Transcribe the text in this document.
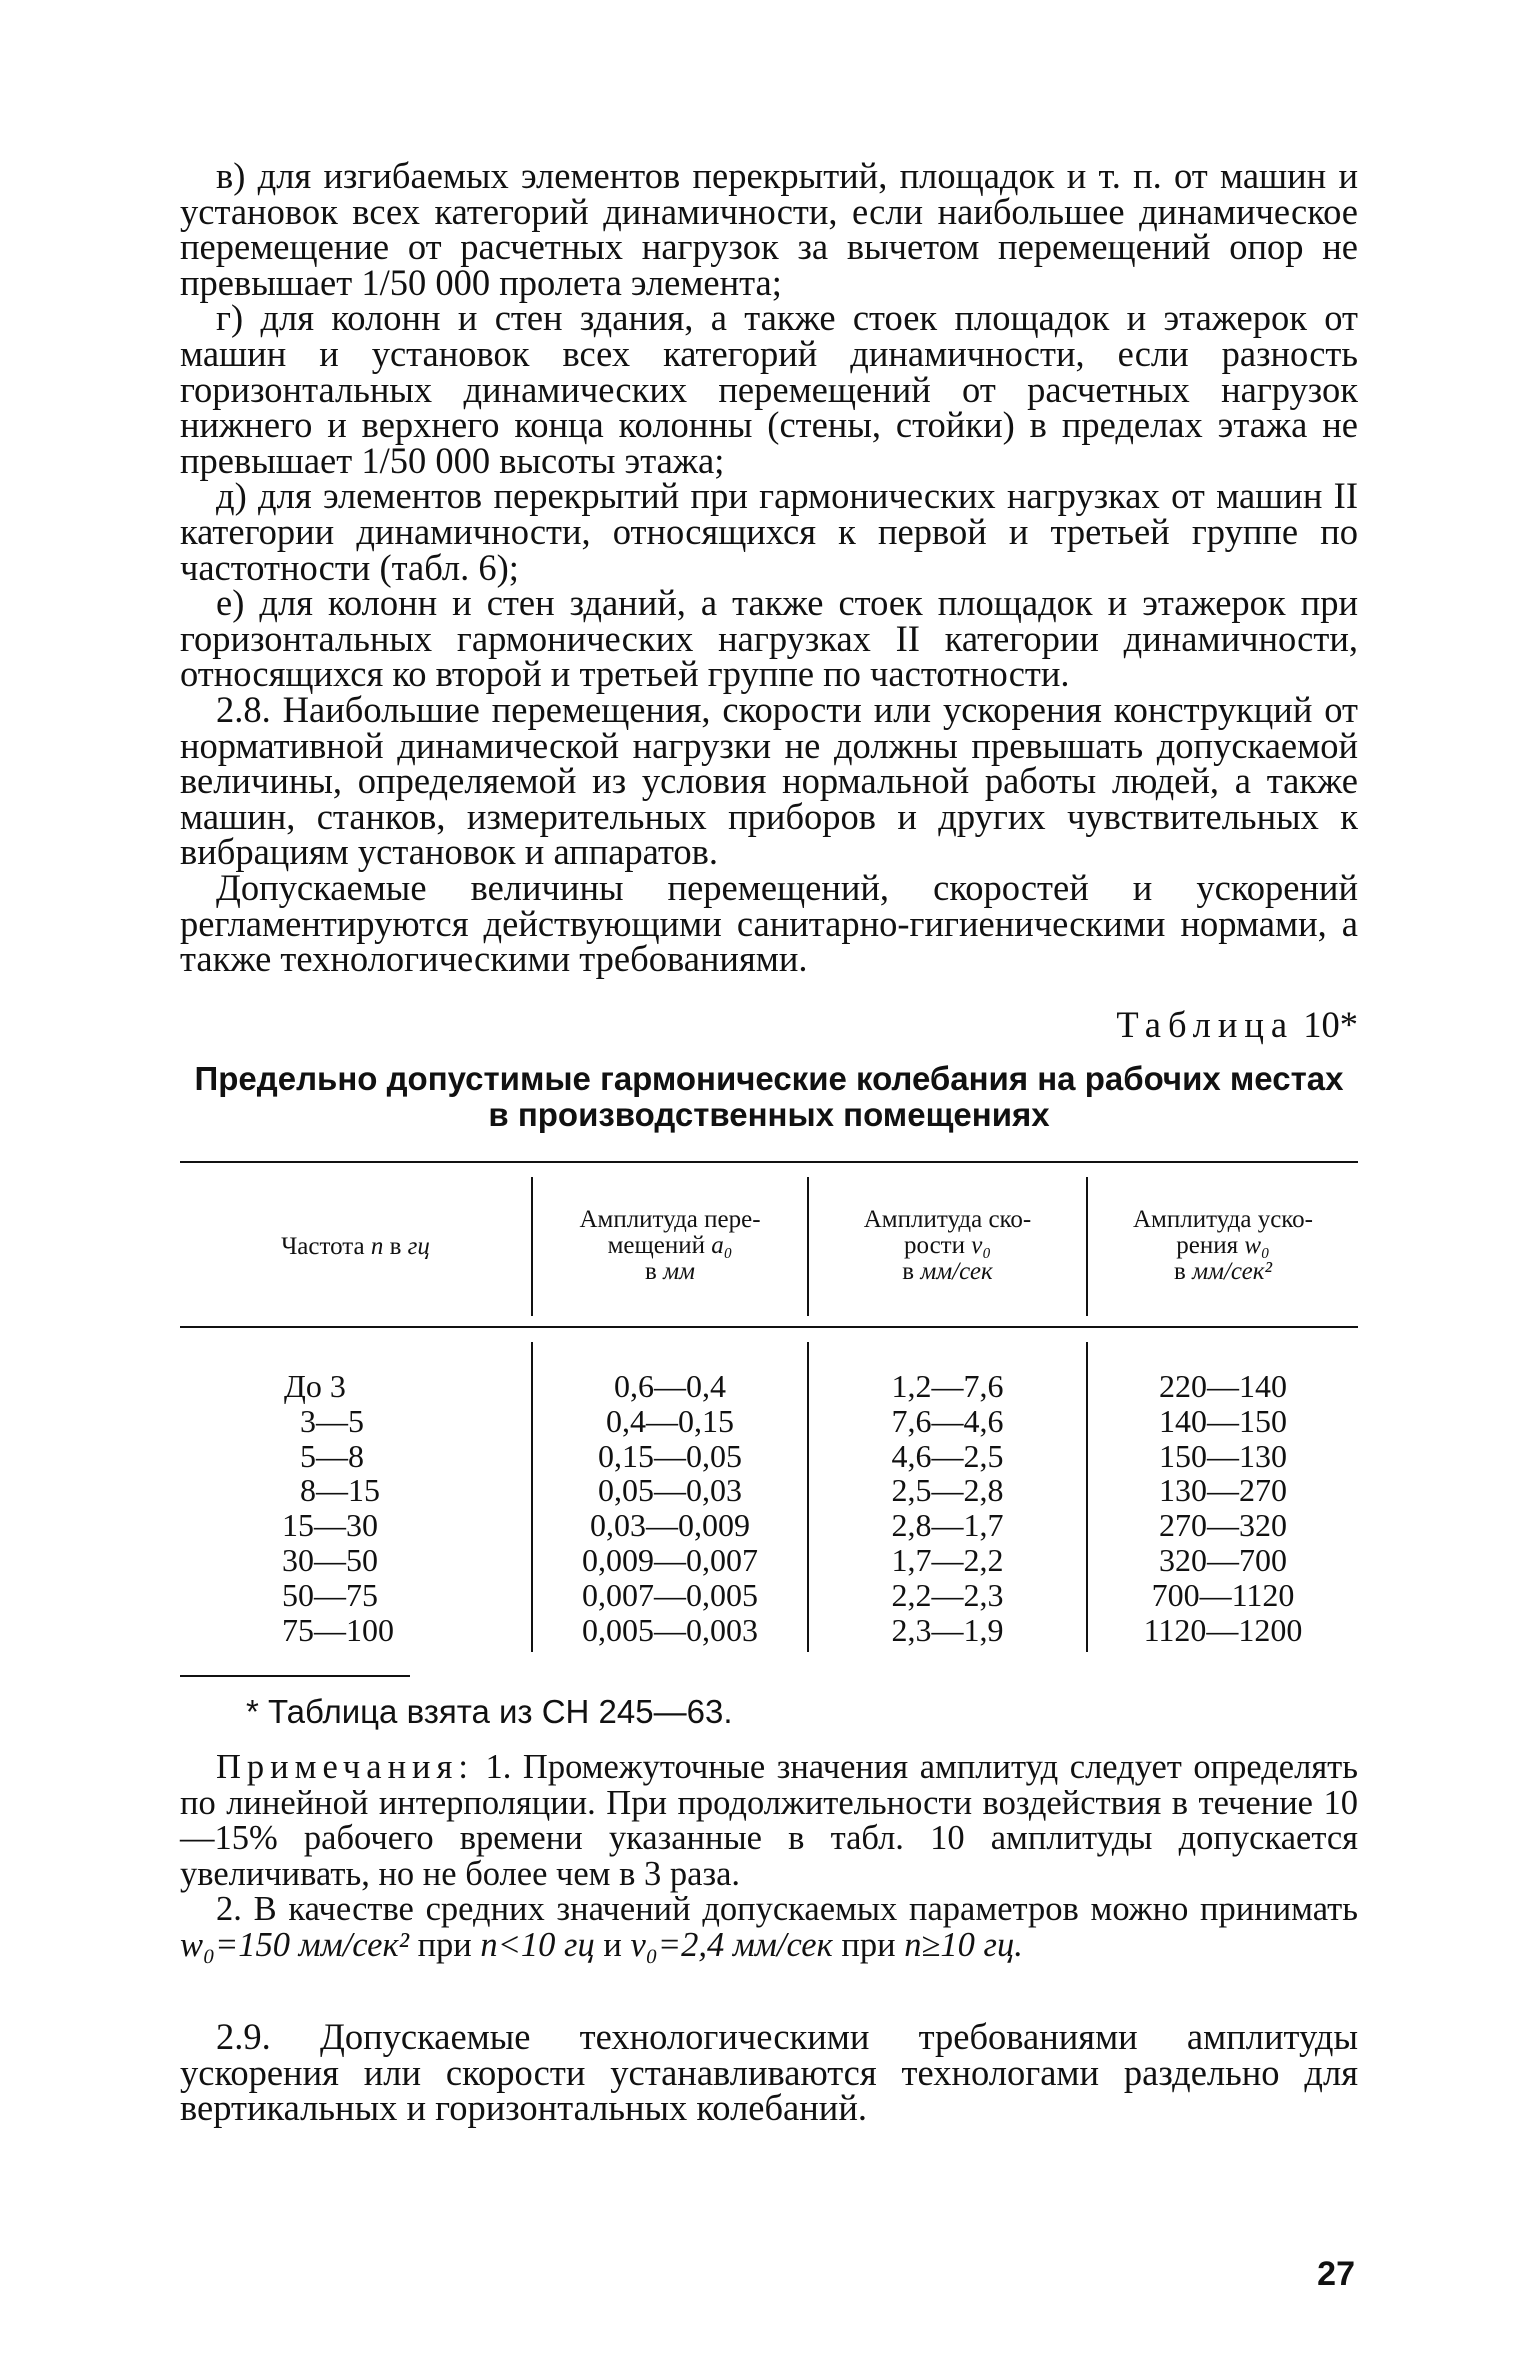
в) для изгибаемых элементов перекрытий, площадок и т. п. от машин и установок всех категорий динамичности, если наибольшее динамическое перемещение от расчетных нагрузок за вычетом перемещений опор не превышает 1/50 000 пролета элемента;

г) для колонн и стен здания, а также стоек площадок и этажерок от машин и установок всех категорий динамичности, если разность горизонтальных динамических перемещений от расчетных нагрузок нижнего и верхнего конца колонны (стены, стойки) в пределах этажа не превышает 1/50 000 высоты этажа;

д) для элементов перекрытий при гармонических нагрузках от машин II категории динамичности, относящихся к первой и третьей группе по частотности (табл. 6);

е) для колонн и стен зданий, а также стоек площадок и этажерок при горизонтальных гармонических нагрузках II категории динамичности, относящихся ко второй и третьей группе по частотности.

2.8. Наибольшие перемещения, скорости или ускорения конструкций от нормативной динамической нагрузки не должны превышать допускаемой величины, определяемой из условия нормальной работы людей, а также машин, станков, измерительных приборов и других чувствительных к вибрациям установок и аппаратов.

Допускаемые величины перемещений, скоростей и ускорений регламентируются действующими санитарно-гигиеническими нормами, а также технологическими требованиями.

Таблица 10*
Предельно допустимые гармонические колебания на рабочих местах
в производственных помещениях
Частота n в гц
Амплитуда пере-
мещений a₀
в мм
Амплитуда ско-
рости v₀
в мм/сек
Амплитуда уско-
рения w₀
в мм/сек²
До 3
3—5
5—8
8—15
15—30
30—50
50—75
75—100
0,6—0,4
0,4—0,15
0,15—0,05
0,05—0,03
0,03—0,009
0,009—0,007
0,007—0,005
0,005—0,003
1,2—7,6
7,6—4,6
4,6—2,5
2,5—2,8
2,8—1,7
1,7—2,2
2,2—2,3
2,3—1,9
220—140
140—150
150—130
130—270
270—320
320—700
700—1120
1120—1200
* Таблица взята из СН 245—63.

Примечания: 1. Промежуточные значения амплитуд следует определять по линейной интерполяции. При продолжительности воздействия в течение 10—15% рабочего времени указанные в табл. 10 амплитуды допускается увеличивать, но не более чем в 3 раза.

2. В качестве средних значений допускаемых параметров можно принимать w₀=150 мм/сек² при n<10 гц и v₀=2,4 мм/сек при n≥10 гц.

2.9. Допускаемые технологическими требованиями амплитуды ускорения или скорости устанавливаются технологами раздельно для вертикальных и горизонтальных колебаний.

27
